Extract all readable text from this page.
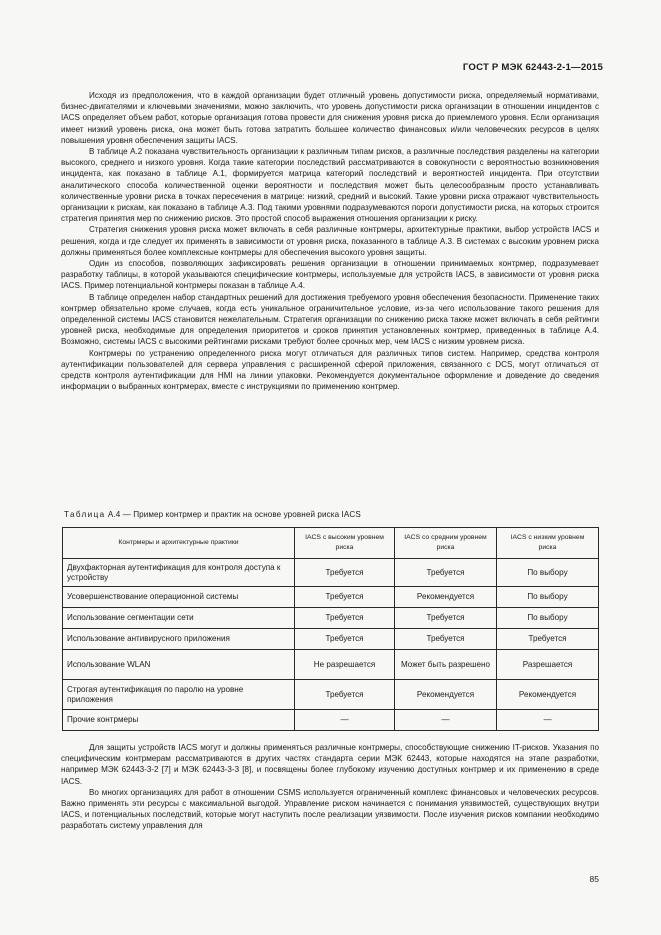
ГОСТ Р МЭК 62443-2-1—2015

Исходя из предположения, что в каждой организации будет отличный уровень допустимости риска, определяемый нормативами, бизнес-двигателями и ключевыми значениями, можно заключить, что уровень допустимости риска организации в отношении инцидентов с IACS определяет объем работ, которые организация готова провести для снижения уровня риска до приемлемого уровня. Если организация имеет низкий уровень риска, она может быть готова затратить большее количество финансовых и/или человеческих ресурсов в целях повышения уровня обеспечения защиты IACS.

В таблице А.2 показана чувствительность организации к различным типам рисков, а различные последствия разделены на категории высокого, среднего и низкого уровня. Когда такие категории последствий рассматриваются в совокупности с вероятностью возникновения инцидента, как показано в таблице А.1, формируется матрица категорий последствий и вероятностей инцидента. При отсутствии аналитического способа количественной оценки вероятности и последствия может быть целесообразным просто устанавливать количественные уровни риска в точках пересечения в матрице: низкий, средний и высокий. Такие уровни риска отражают чувствительность организации к рискам, как показано в таблице А.3. Под такими уровнями подразумеваются пороги допустимости риска, на которых строится стратегия принятия мер по снижению рисков. Это простой способ выражения отношения организации к риску.

Стратегия снижения уровня риска может включать в себя различные контрмеры, архитектурные практики, выбор устройств IACS и решения, когда и где следует их применять в зависимости от уровня риска, показанного в таблице А.3. В системах с высоким уровнем риска должны применяться более комплексные контрмеры для обеспечения высокого уровня защиты.

Один из способов, позволяющих зафиксировать решения организации в отношении принимаемых контрмер, подразумевает разработку таблицы, в которой указываются специфические контрмеры, используемые для устройств IACS, в зависимости от уровня риска IACS. Пример потенциальной контрмеры показан в таблице А.4.

В таблице определен набор стандартных решений для достижения требуемого уровня обеспечения безопасности. Применение таких контрмер обязательно кроме случаев, когда есть уникальное ограничительное условие, из-за чего использование такого решения для определенной системы IACS становится нежелательным. Стратегия организации по снижению риска также может включать в себя рейтинги уровней риска, необходимые для определения приоритетов и сроков принятия установленных контрмер, приведенных в таблице А.4. Возможно, системы IACS с высокими рейтингами рисками требуют более срочных мер, чем IACS с низким уровнем риска.

Контрмеры по устранению определенного риска могут отличаться для различных типов систем. Например, средства контроля аутентификации пользователей для сервера управления с расширенной сферой приложения, связанного с DCS, могут отличаться от средств контроля аутентификации для HMI на линии упаковки. Рекомендуется документальное оформление и доведение до сведения информации о выбранных контрмерах, вместе с инструкциями по применению контрмер.

Таблица А.4 — Пример контрмер и практик на основе уровней риска IACS
Контрмеры и архитектурные практики	IACS с высоким уровнем риска	IACS со средним уровнем риска	IACS с низким уровнем риска
Двухфакторная аутентификация для контроля доступа к устройству	Требуется	Требуется	По выбору
Усовершенствование операционной системы	Требуется	Рекомендуется	По выбору
Использование сегментации сети	Требуется	Требуется	По выбору
Использование антивирусного приложения	Требуется	Требуется	Требуется
Использование WLAN	Не разрешается	Может быть разрешено	Разрешается
Строгая аутентификация по паролю на уровне приложения	Требуется	Рекомендуется	Рекомендуется
Прочие контрмеры	—	—	—

Для защиты устройств IACS могут и должны применяться различные контрмеры, способствующие снижению IT-рисков. Указания по специфическим контрмерам рассматриваются в других частях стандарта серии МЭК 62443, которые находятся на этапе разработки, например МЭК 62443-3-2 [7] и МЭК 62443-3-3 [8], и посвящены более глубокому изучению доступных контрмер и их применению в среде IACS.

Во многих организациях для работ в отношении CSMS используется ограниченный комплекс финансовых и человеческих ресурсов. Важно применять эти ресурсы с максимальной выгодой. Управление риском начинается с понимания уязвимостей, существующих внутри IACS, и потенциальных последствий, которые могут наступить после реализации уязвимости. После изучения рисков компании необходимо разработать систему управления для

85
